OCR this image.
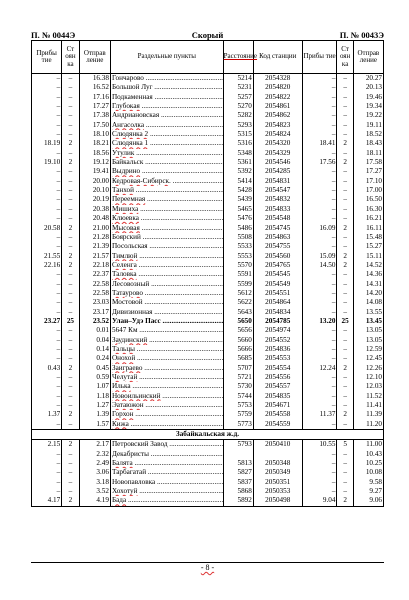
П. № 0044Э	Скорый	П. № 0043Э
Прибы тие	Ст оян ка	Отправ ление	Раздельные пункты	Расстояние	Код станции	Прибы тие	Ст оян ка	Отправ ление
–	–	16.38	Гончарово .....	5214	2054328	–	–	20.27
–	–	16.52	Большой Луг .....	5231	2054820	–	–	20.13
–	–	17.16	Подкаменная .....	5257	2054822	–	–	19.46
–	–	17.27	Глубокая .....	5270	2054861	–	–	19.34
–	–	17.38	Андриановская .....	5282	2054862	–	–	19.22
–	–	17.50	Ангасолка .....	5293	2054823	–	–	19.11
–	–	18.10	Слюдянка 2 .....	5315	2054824	–	–	18.52
18.19	2	18.21	Слюдянка 1 .....	5316	2054320	18.41	2	18.43
–	–	18.56	Утулик .....	5348	2054329	–	–	18.11
19.10	2	19.12	Байкальск .....	5361	2054546	17.56	2	17.58
–	–	19.41	Выдрино .....	5392	2054285	–	–	17.27
–	–	20.00	Кедровая-Сибирск. .....	5414	2054831	–	–	17.10
–	–	20.10	Танхой .....	5428	2054547	–	–	17.00
–	–	20.19	Переемная .....	5439	2054832	–	–	16.50
–	–	20.38	Мишиха .....	5465	2054833	–	–	16.30
–	–	20.48	Клюевка .....	5476	2054548	–	–	16.21
20.58	2	21.00	Мысовая .....	5486	2054745	16.09	2	16.11
–	–	21.28	Боярский .....	5508	2054863	–	–	15.48
–	–	21.39	Посольская .....	5533	2054755	–	–	15.27
21.55	2	21.57	Тимлюй .....	5553	2054560	15.09	2	15.11
22.16	2	22.18	Селенга .....	5570	2054765	14.50	2	14.52
–	–	22.37	Таловка .....	5591	2054545	–	–	14.36
–	–	22.58	Лесовозный .....	5599	2054549	–	–	14.31
–	–	22.58	Татаурово .....	5612	2054551	–	–	14.20
–	–	23.03	Мостовой .....	5622	2054864	–	–	14.08
–	–	23.17	Дивизионная .....	5643	2054834	–	–	13.55
23.27	25	23.52	Улан–Удэ Пасс .....	5650	2054785	13.20	25	13.45
–	–	0.01	5647 Км .....	5656	2054974	–	–	13.05
–	–	0.04	Заудинский .....	5660	2054552	–	–	13.05
–	–	0.14	Тальцы .....	5666	2054836	–	–	12.59
–	–	0.24	Онохой .....	5685	2054553	–	–	12.45
0.43	2	0.45	Заиграево .....	5707	2054554	12.24	2	12.26
–	–	0.59	Челутай .....	5721	2054556	–	–	12.10
–	–	1.07	Илька .....	5730	2054557	–	–	12.03
–	–	1.18	Новоильинский .....	5744	2054835	–	–	11.52
–	–	1.27	Эатаюжон .....	5753	2054671	–	–	11.41
1.37	2	1.39	Горхон .....	5759	2054558	11.37	2	11.39
–	–	1.57	Кижа .....	5773	2054559	–	–	11.20
Забайкальская ж.д.								
2.15	2	2.17	Петровский Завод .....	5793	2050410	10.55	5	11.00
–	–	2.32	Декабристы .....			–	–	10.43
–	–	2.49	Балята .....	5813	2050348	–	–	10.25
–	–	3.06	Тарбагатай .....	5827	2050349	–	–	10.08
–	–	3.18	Новопавловка .....	5837	2050351	–	–	9.58
–	–	3.52	Хохотуй .....	5868	2050353	–	–	9.27
4.17	2	4.19	Бада .....	5892	2050498	9.04	2	9.06
- 8 -
